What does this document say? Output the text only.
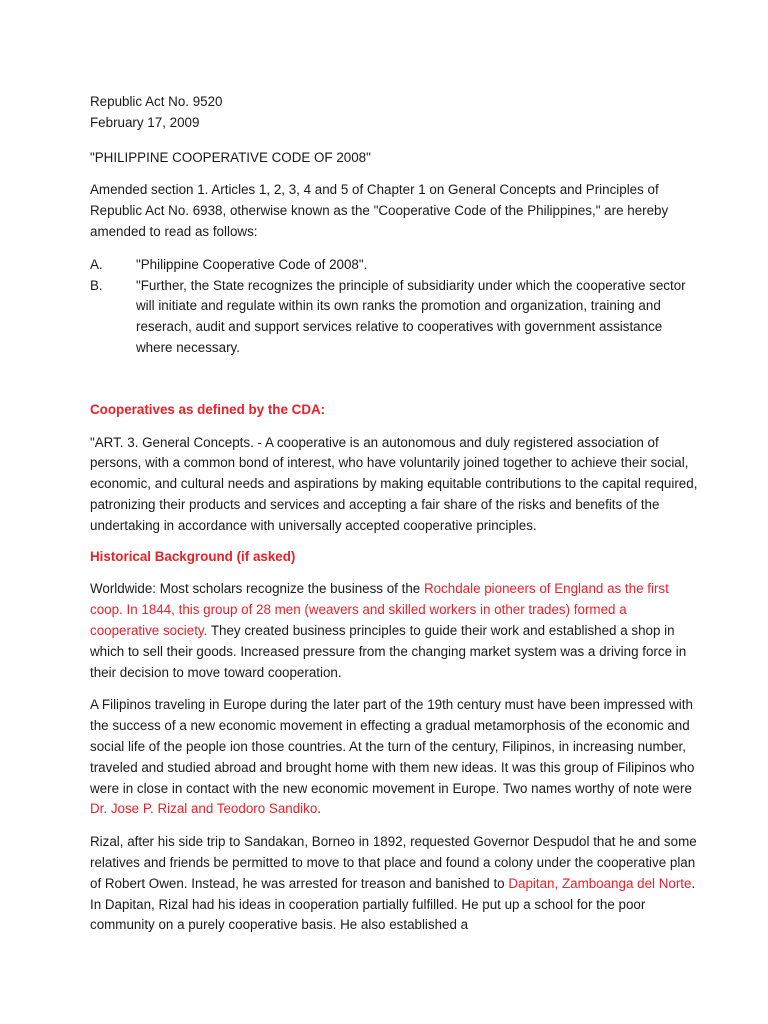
Republic Act No. 9520

February 17, 2009

"PHILIPPINE COOPERATIVE CODE OF 2008"

Amended section 1. Articles 1, 2, 3, 4 and 5 of Chapter 1 on General Concepts and Principles of Republic Act No. 6938, otherwise known as the "Cooperative Code of the Philippines," are hereby amended to read as follows:

A. "Philippine Cooperative Code of 2008".
B. "Further, the State recognizes the principle of subsidiarity under which the cooperative sector will initiate and regulate within its own ranks the promotion and organization, training and reserach, audit and support services relative to cooperatives with government assistance where necessary.

Cooperatives as defined by the CDA:

"ART. 3. General Concepts. - A cooperative is an autonomous and duly registered association of persons, with a common bond of interest, who have voluntarily joined together to achieve their social, economic, and cultural needs and aspirations by making equitable contributions to the capital required, patronizing their products and services and accepting a fair share of the risks and benefits of the undertaking in accordance with universally accepted cooperative principles.

Historical Background (if asked)

Worldwide: Most scholars recognize the business of the Rochdale pioneers of England as the first coop. In 1844, this group of 28 men (weavers and skilled workers in other trades) formed a cooperative society. They created business principles to guide their work and established a shop in which to sell their goods. Increased pressure from the changing market system was a driving force in their decision to move toward cooperation.

A Filipinos traveling in Europe during the later part of the 19th century must have been impressed with the success of a new economic movement in effecting a gradual metamorphosis of the economic and social life of the people ion those countries. At the turn of the century, Filipinos, in increasing number, traveled and studied abroad and brought home with them new ideas. It was this group of Filipinos who were in close in contact with the new economic movement in Europe. Two names worthy of note were Dr. Jose P. Rizal and Teodoro Sandiko.

Rizal, after his side trip to Sandakan, Borneo in 1892, requested Governor Despudol that he and some relatives and friends be permitted to move to that place and found a colony under the cooperative plan of Robert Owen. Instead, he was arrested for treason and banished to Dapitan, Zamboanga del Norte. In Dapitan, Rizal had his ideas in cooperation partially fulfilled. He put up a school for the poor community on a purely cooperative basis. He also established a
